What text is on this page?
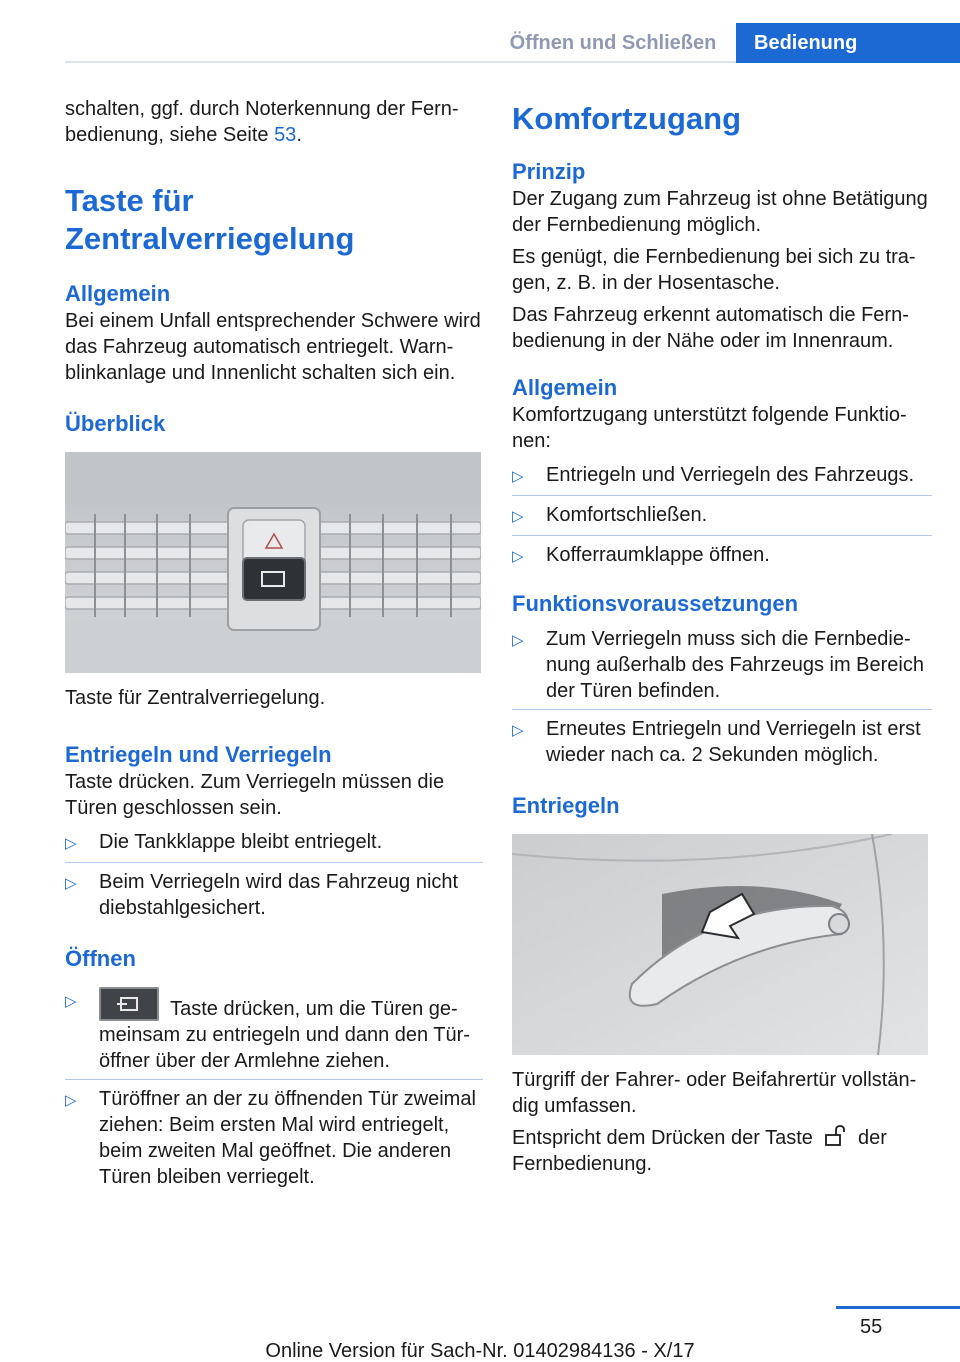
Öffnen und Schließen	Bedienung
schalten, ggf. durch Noterkennung der Fern-bedienung, siehe Seite 53.
Taste für Zentralverriegelung
Allgemein
Bei einem Unfall entsprechender Schwere wird das Fahrzeug automatisch entriegelt. Warn-blinkanlage und Innenlicht schalten sich ein.
Überblick
Taste für Zentralverriegelung.
Entriegeln und Verriegeln
Taste drücken. Zum Verriegeln müssen die Türen geschlossen sein.
▷	Die Tankklappe bleibt entriegelt.
▷	Beim Verriegeln wird das Fahrzeug nicht diebstahlgesichert.
Öffnen
▷	Taste drücken, um die Türen ge-meinsam zu entriegeln und dann den Tür-öffner über der Armlehne ziehen.
▷	Türöffner an der zu öffnenden Tür zweimal ziehen: Beim ersten Mal wird entriegelt, beim zweiten Mal geöffnet. Die anderen Türen bleiben verriegelt.
Komfortzugang
Prinzip
Der Zugang zum Fahrzeug ist ohne Betätigung der Fernbedienung möglich.
Es genügt, die Fernbedienung bei sich zu tra-gen, z. B. in der Hosentasche.
Das Fahrzeug erkennt automatisch die Fern-bedienung in der Nähe oder im Innenraum.
Allgemein
Komfortzugang unterstützt folgende Funktio-nen:
▷	Entriegeln und Verriegeln des Fahrzeugs.
▷	Komfortschließen.
▷	Kofferraumklappe öffnen.
Funktionsvoraussetzungen
▷	Zum Verriegeln muss sich die Fernbedie-nung außerhalb des Fahrzeugs im Bereich der Türen befinden.
▷	Erneutes Entriegeln und Verriegeln ist erst wieder nach ca. 2 Sekunden möglich.
Entriegeln
Türgriff der Fahrer- oder Beifahrertür vollstän-dig umfassen.
Entspricht dem Drücken der Taste der Fernbedienung.
55
Online Version für Sach-Nr. 01402984136 - X/17
